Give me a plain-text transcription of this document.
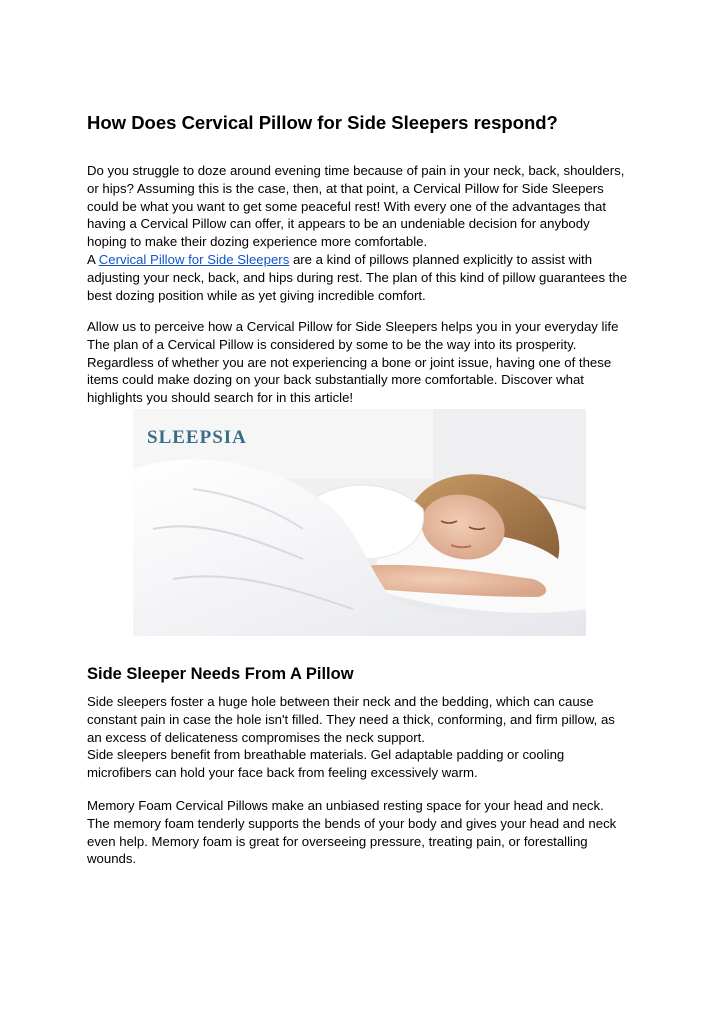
How Does Cervical Pillow for Side Sleepers respond?
Do you struggle to doze around evening time because of pain in your neck, back, shoulders,
or hips? Assuming this is the case, then, at that point, a Cervical Pillow for Side Sleepers
could be what you want to get some peaceful rest! With every one of the advantages that
having a Cervical Pillow can offer, it appears to be an undeniable decision for anybody
hoping to make their dozing experience more comfortable.
A Cervical Pillow for Side Sleepers are a kind of pillows planned explicitly to assist with
adjusting your neck, back, and hips during rest. The plan of this kind of pillow guarantees the
best dozing position while as yet giving incredible comfort.
Allow us to perceive how a Cervical Pillow for Side Sleepers helps you in your everyday life
The plan of a Cervical Pillow is considered by some to be the way into its prosperity.
Regardless of whether you are not experiencing a bone or joint issue, having one of these
items could make dozing on your back substantially more comfortable. Discover what
highlights you should search for in this article!
SLEEPSIA
Side Sleeper Needs From A Pillow
Side sleepers foster a huge hole between their neck and the bedding, which can cause
constant pain in case the hole isn't filled. They need a thick, conforming, and firm pillow, as
an excess of delicateness compromises the neck support.
Side sleepers benefit from breathable materials. Gel adaptable padding or cooling
microfibers can hold your face back from feeling excessively warm.
Memory Foam Cervical Pillows make an unbiased resting space for your head and neck.
The memory foam tenderly supports the bends of your body and gives your head and neck
even help. Memory foam is great for overseeing pressure, treating pain, or forestalling
wounds.
